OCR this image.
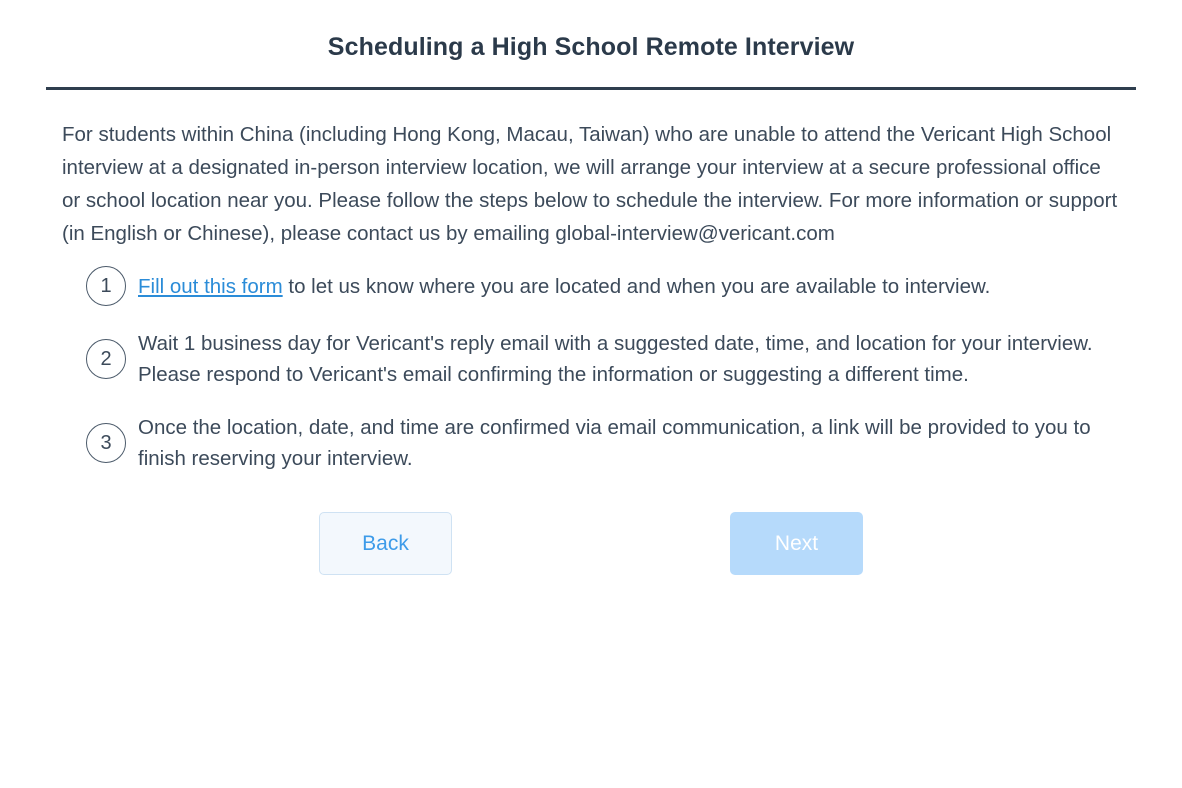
Scheduling a High School Remote Interview
For students within China (including Hong Kong, Macau, Taiwan) who are unable to attend the Vericant High School interview at a designated in-person interview location, we will arrange your interview at a secure professional office or school location near you. Please follow the steps below to schedule the interview. For more information or support (in English or Chinese), please contact us by emailing global-interview@vericant.com
1	Fill out this form to let us know where you are located and when you are available to interview.
2
Wait 1 business day for Vericant's reply email with a suggested date, time, and location for your interview. Please respond to Vericant's email confirming the information or suggesting a different time.
3
Once the location, date, and time are confirmed via email communication, a link will be provided to you to finish reserving your interview.
Back	Next
